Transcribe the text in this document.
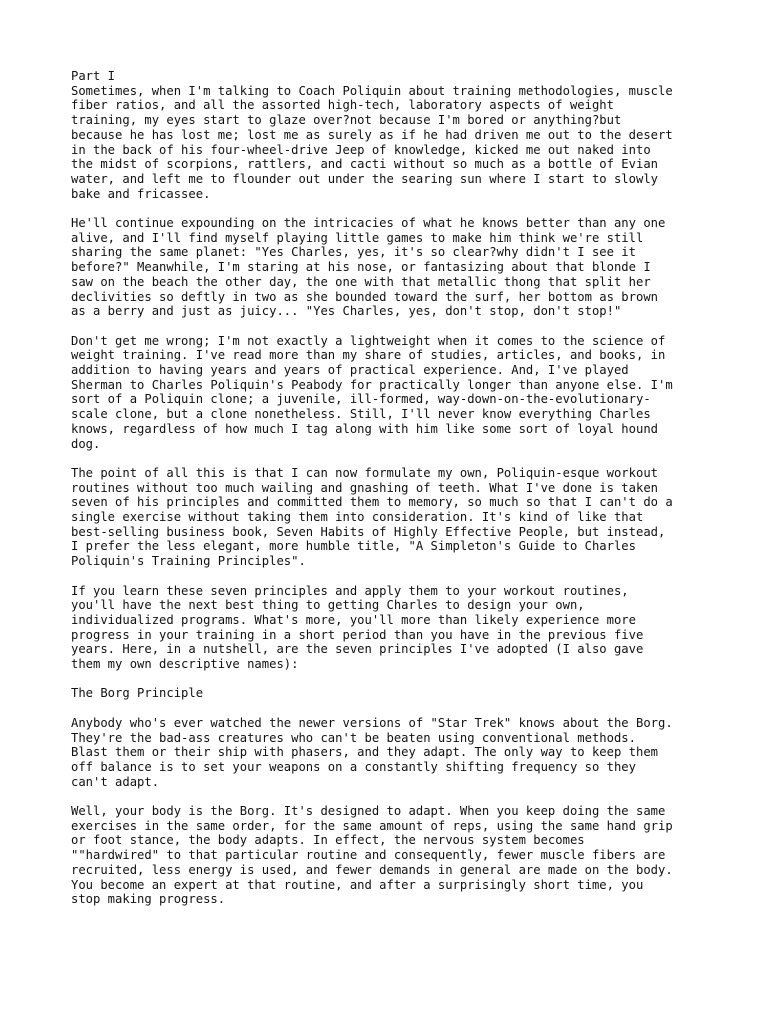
Part I
Sometimes, when I'm talking to Coach Poliquin about training methodologies, muscle
fiber ratios, and all the assorted high-tech, laboratory aspects of weight
training, my eyes start to glaze over?not because I'm bored or anything?but
because he has lost me; lost me as surely as if he had driven me out to the desert
in the back of his four-wheel-drive Jeep of knowledge, kicked me out naked into
the midst of scorpions, rattlers, and cacti without so much as a bottle of Evian
water, and left me to flounder out under the searing sun where I start to slowly
bake and fricassee.
He'll continue expounding on the intricacies of what he knows better than any one
alive, and I'll find myself playing little games to make him think we're still
sharing the same planet: "Yes Charles, yes, it's so clear?why didn't I see it
before?" Meanwhile, I'm staring at his nose, or fantasizing about that blonde I
saw on the beach the other day, the one with that metallic thong that split her
declivities so deftly in two as she bounded toward the surf, her bottom as brown
as a berry and just as juicy... "Yes Charles, yes, don't stop, don't stop!"
Don't get me wrong; I'm not exactly a lightweight when it comes to the science of
weight training. I've read more than my share of studies, articles, and books, in
addition to having years and years of practical experience. And, I've played
Sherman to Charles Poliquin's Peabody for practically longer than anyone else. I'm
sort of a Poliquin clone; a juvenile, ill-formed, way-down-on-the-evolutionary-
scale clone, but a clone nonetheless. Still, I'll never know everything Charles
knows, regardless of how much I tag along with him like some sort of loyal hound
dog.
The point of all this is that I can now formulate my own, Poliquin-esque workout
routines without too much wailing and gnashing of teeth. What I've done is taken
seven of his principles and committed them to memory, so much so that I can't do a
single exercise without taking them into consideration. It's kind of like that
best-selling business book, Seven Habits of Highly Effective People, but instead,
I prefer the less elegant, more humble title, "A Simpleton's Guide to Charles
Poliquin's Training Principles".
If you learn these seven principles and apply them to your workout routines,
you'll have the next best thing to getting Charles to design your own,
individualized programs. What's more, you'll more than likely experience more
progress in your training in a short period than you have in the previous five
years. Here, in a nutshell, are the seven principles I've adopted (I also gave
them my own descriptive names):
The Borg Principle
Anybody who's ever watched the newer versions of "Star Trek" knows about the Borg.
They're the bad-ass creatures who can't be beaten using conventional methods.
Blast them or their ship with phasers, and they adapt. The only way to keep them
off balance is to set your weapons on a constantly shifting frequency so they
can't adapt.
Well, your body is the Borg. It's designed to adapt. When you keep doing the same
exercises in the same order, for the same amount of reps, using the same hand grip
or foot stance, the body adapts. In effect, the nervous system becomes
""hardwired" to that particular routine and consequently, fewer muscle fibers are
recruited, less energy is used, and fewer demands in general are made on the body.
You become an expert at that routine, and after a surprisingly short time, you
stop making progress.
